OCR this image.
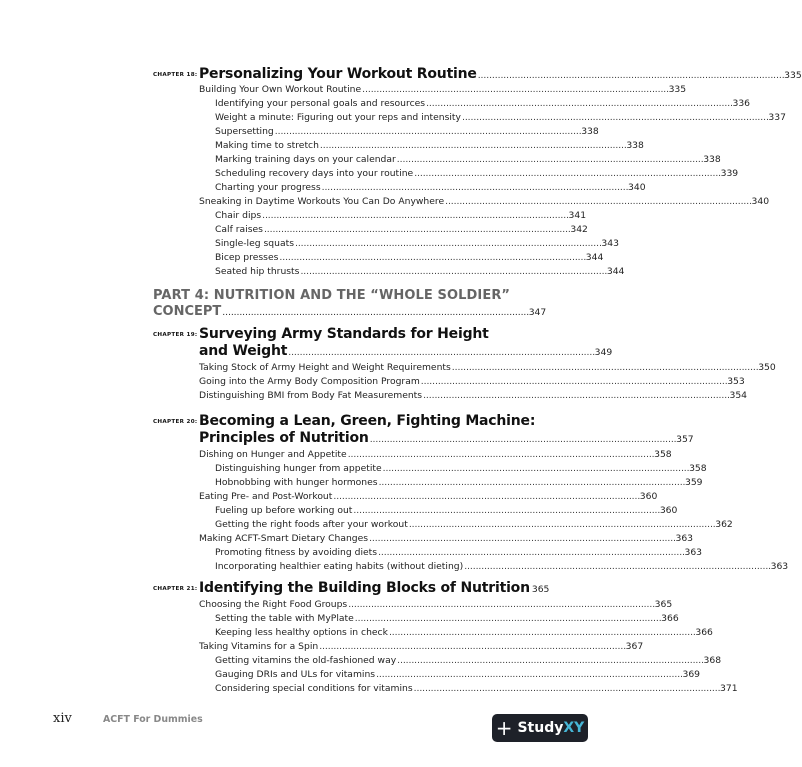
CHAPTER 18: Personalizing Your Workout Routine . . .	335
Building Your Own Workout Routine . . .	335
Identifying your personal goals and resources . . .	336
Weight a minute: Figuring out your reps and intensity . . .	337
Supersetting . . .	338
Making time to stretch . . .	338
Marking training days on your calendar . . .	338
Scheduling recovery days into your routine . . .	339
Charting your progress . . .	340
Sneaking in Daytime Workouts You Can Do Anywhere . . .	340
Chair dips . . .	341
Calf raises . . .	342
Single-leg squats . . .	343
Bicep presses . . .	344
Seated hip thrusts . . .	344
PART 4: NUTRITION AND THE “WHOLE SOLDIER”
CONCEPT . . .	347
CHAPTER 19: Surveying Army Standards for Height
and Weight . . .	349
Taking Stock of Army Height and Weight Requirements . . .	350
Going into the Army Body Composition Program . . .	353
Distinguishing BMI from Body Fat Measurements . . .	354
CHAPTER 20: Becoming a Lean, Green, Fighting Machine:
Principles of Nutrition . . .	357
Dishing on Hunger and Appetite . . .	358
Distinguishing hunger from appetite . . .	358
Hobnobbing with hunger hormones . . .	359
Eating Pre- and Post-Workout . . .	360
Fueling up before working out . . .	360
Getting the right foods after your workout . . .	362
Making ACFT-Smart Dietary Changes . . .	363
Promoting fitness by avoiding diets . . .	363
Incorporating healthier eating habits (without dieting) . . .	363
CHAPTER 21: Identifying the Building Blocks of Nutrition 365
Choosing the Right Food Groups . . .	365
Setting the table with MyPlate . . .	366
Keeping less healthy options in check . . .	366
Taking Vitamins for a Spin . . .	367
Getting vitamins the old-fashioned way . . .	368
Gauging DRIs and ULs for vitamins . . .	369
Considering special conditions for vitamins . . .	371
xiv	ACFT For Dummies	+ StudyXY
